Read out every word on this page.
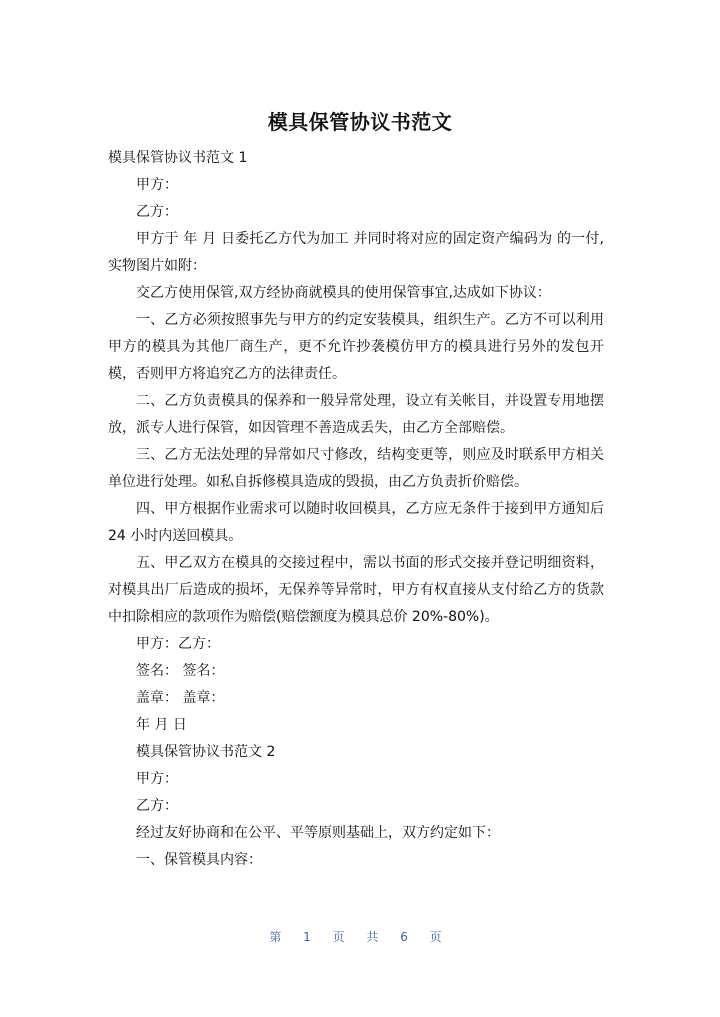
模具保管协议书范文

模具保管协议书范文 1

甲方：

乙方：

甲方于 年 月 日委托乙方代为加工 并同时将对应的固定资产编码为 的一付,实物图片如附：

交乙方使用保管,双方经协商就模具的使用保管事宜,达成如下协议：

一、乙方必须按照事先与甲方的约定安装模具，组织生产。乙方不可以利用甲方的模具为其他厂商生产，更不允许抄袭模仿甲方的模具进行另外的发包开模，否则甲方将追究乙方的法律责任。

二、乙方负责模具的保养和一般异常处理，设立有关帐目，并设置专用地摆放，派专人进行保管，如因管理不善造成丢失，由乙方全部赔偿。

三、乙方无法处理的异常如尺寸修改，结构变更等，则应及时联系甲方相关单位进行处理。如私自拆修模具造成的毁损，由乙方负责折价赔偿。

四、甲方根据作业需求可以随时收回模具，乙方应无条件于接到甲方通知后 24 小时内送回模具。

五、甲乙双方在模具的交接过程中，需以书面的形式交接并登记明细资料，对模具出厂后造成的损坏，无保养等异常时，甲方有权直接从支付给乙方的货款中扣除相应的款项作为赔偿(赔偿额度为模具总价 20%-80%)。

甲方：乙方：

签名： 签名：

盖章： 盖章：

年 月 日

模具保管协议书范文 2

甲方：

乙方：

经过友好协商和在公平、平等原则基础上，双方约定如下：

一、保管模具内容：

第 1 页 共 6 页
